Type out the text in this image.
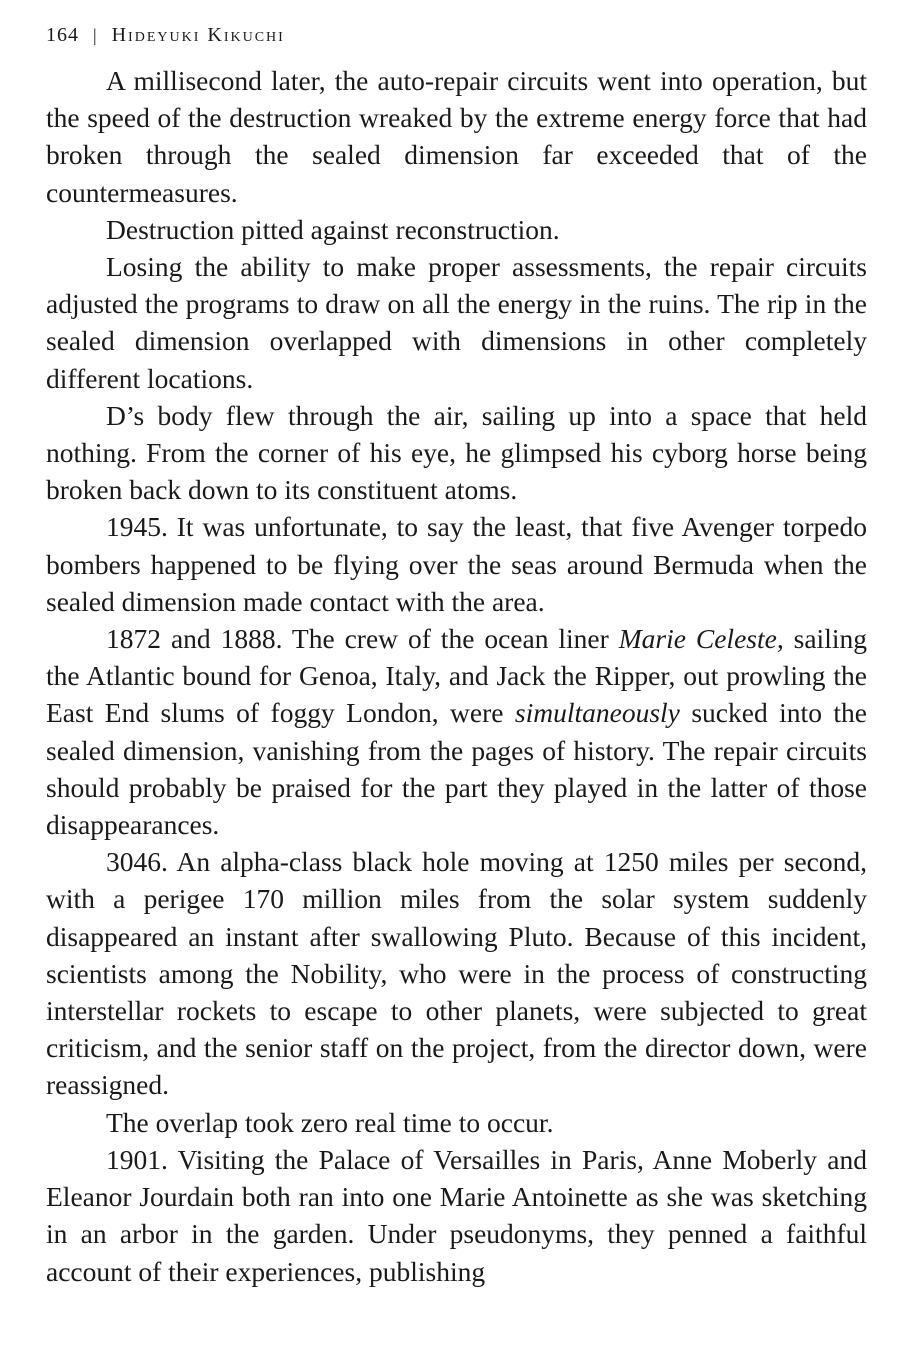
164 | Hideyuki Kikuchi

A millisecond later, the auto-repair circuits went into operation, but the speed of the destruction wreaked by the extreme energy force that had broken through the sealed dimension far exceeded that of the countermeasures.

Destruction pitted against reconstruction.

Losing the ability to make proper assessments, the repair circuits adjusted the programs to draw on all the energy in the ruins. The rip in the sealed dimension overlapped with dimensions in other completely different locations.

D’s body flew through the air, sailing up into a space that held nothing. From the corner of his eye, he glimpsed his cyborg horse being broken back down to its constituent atoms.

1945. It was unfortunate, to say the least, that five Avenger torpedo bombers happened to be flying over the seas around Bermuda when the sealed dimension made contact with the area.

1872 and 1888. The crew of the ocean liner Marie Celeste, sailing the Atlantic bound for Genoa, Italy, and Jack the Ripper, out prowling the East End slums of foggy London, were simultaneously sucked into the sealed dimension, vanishing from the pages of history. The repair circuits should probably be praised for the part they played in the latter of those disappearances.

3046. An alpha-class black hole moving at 1250 miles per second, with a perigee 170 million miles from the solar system suddenly disappeared an instant after swallowing Pluto. Because of this incident, scientists among the Nobility, who were in the process of constructing interstellar rockets to escape to other planets, were subjected to great criticism, and the senior staff on the project, from the director down, were reassigned.

The overlap took zero real time to occur.

1901. Visiting the Palace of Versailles in Paris, Anne Moberly and Eleanor Jourdain both ran into one Marie Antoinette as she was sketching in an arbor in the garden. Under pseudonyms, they penned a faithful account of their experiences, publishing
